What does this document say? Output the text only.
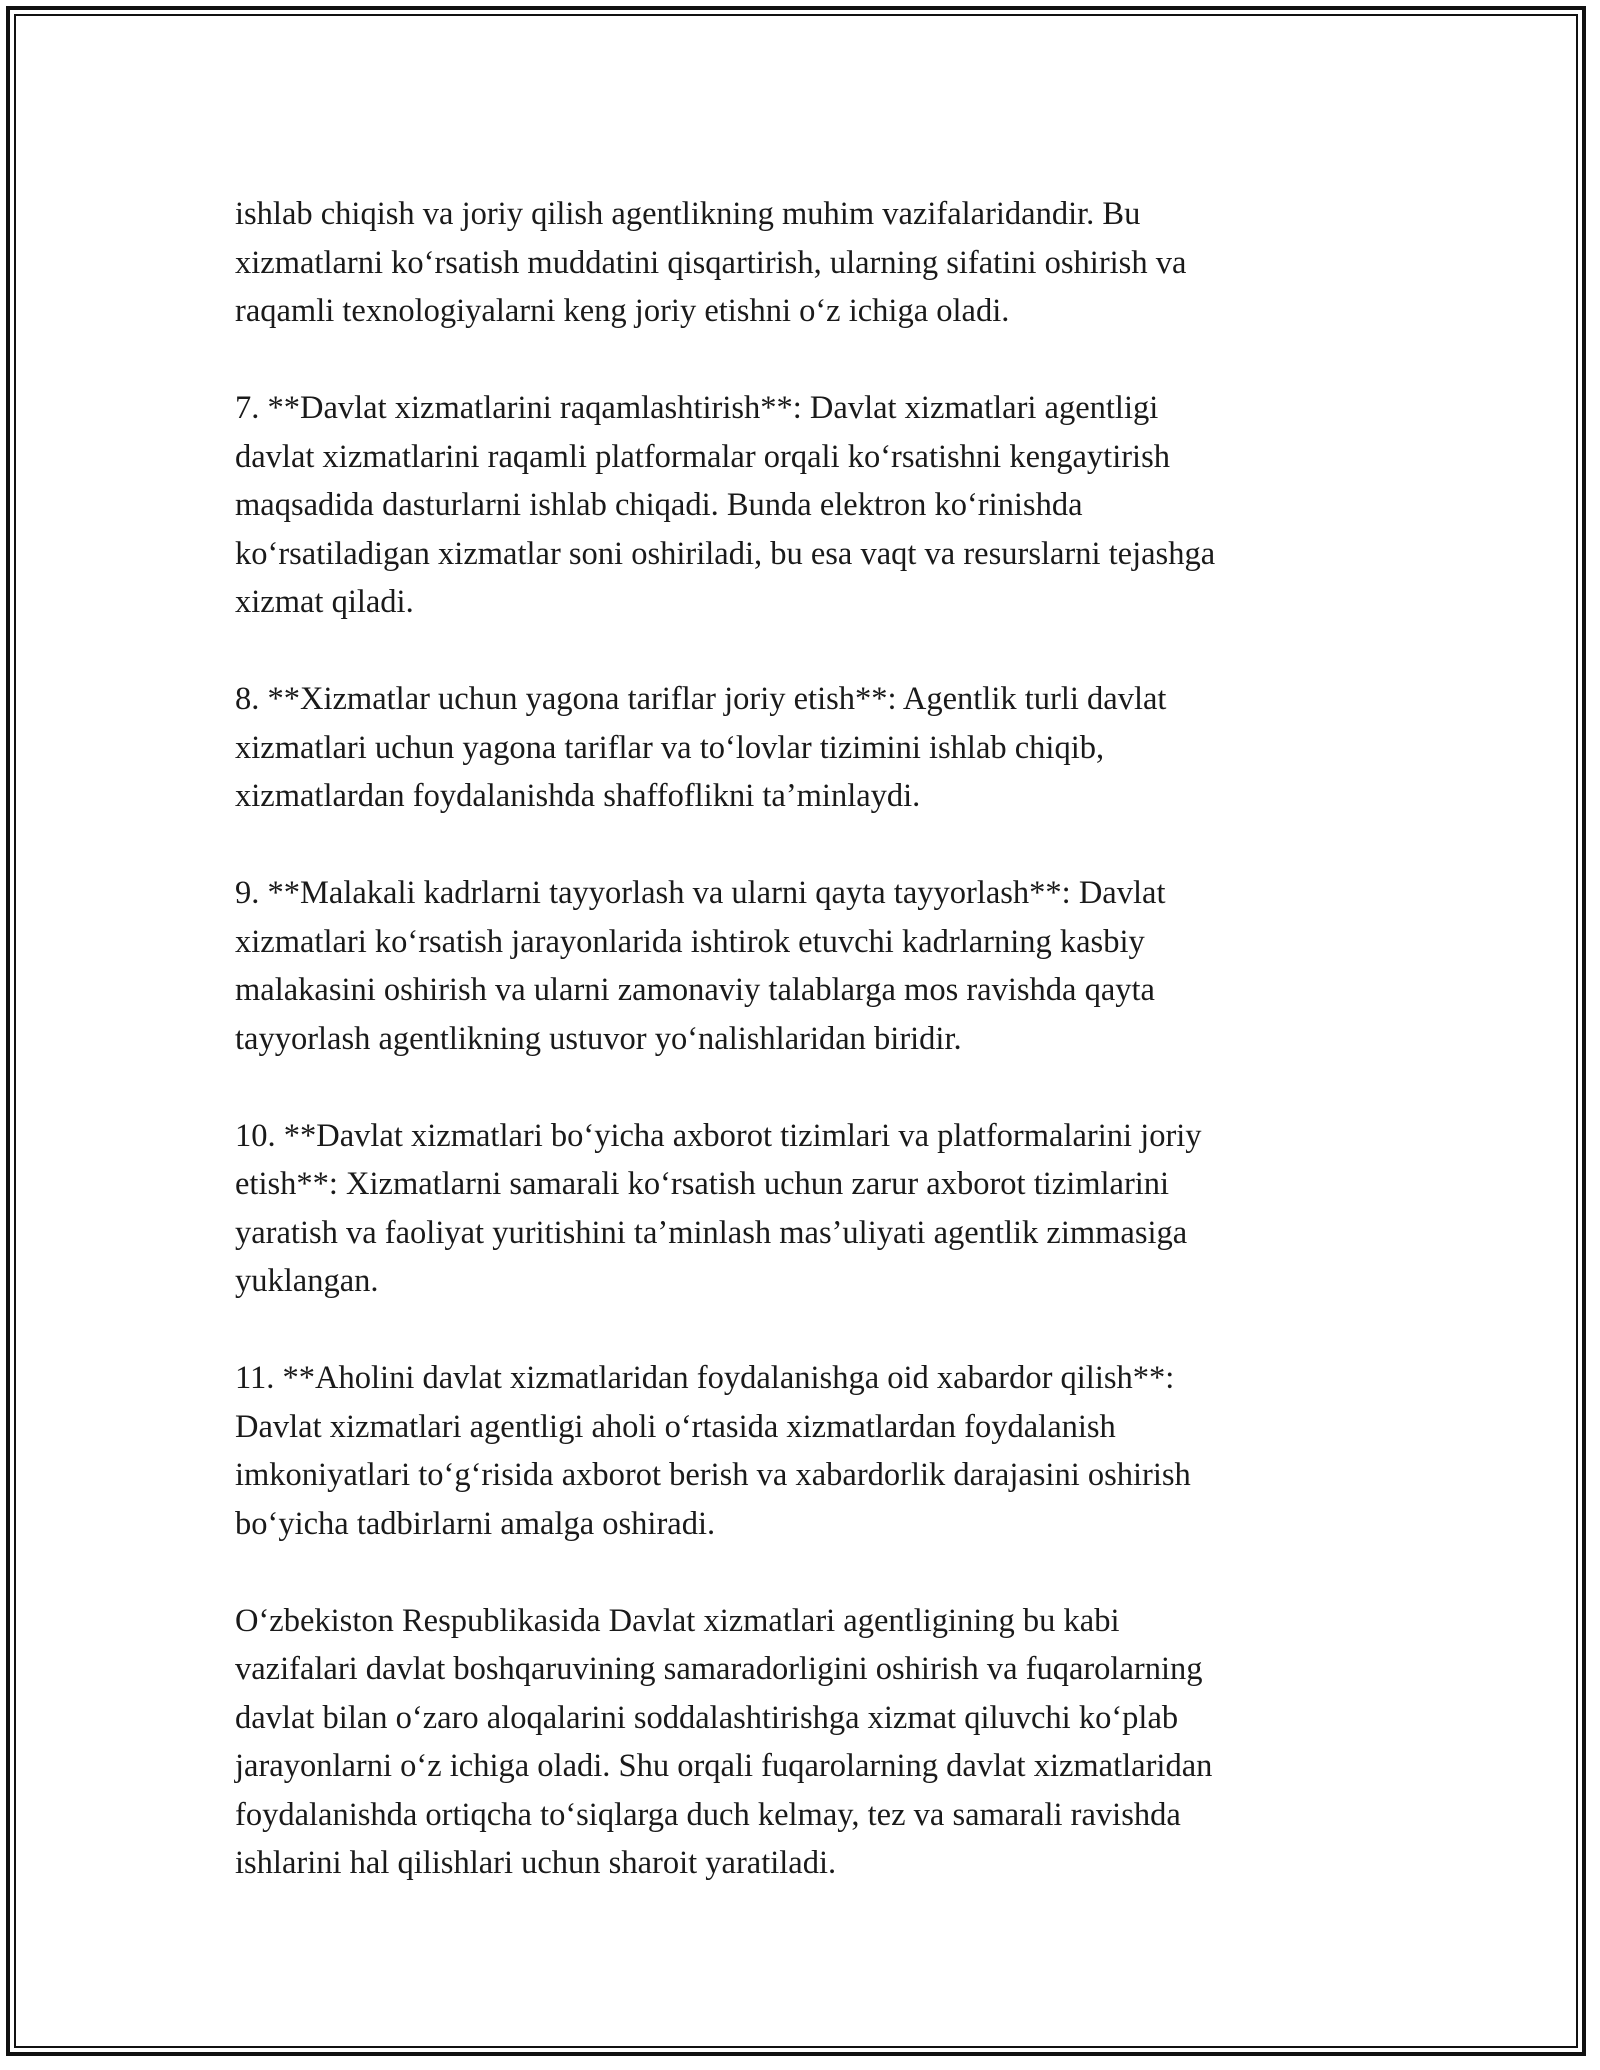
ishlab chiqish va joriy qilish agentlikning muhim vazifalaridandir. Bu
xizmatlarni koʻrsatish muddatini qisqartirish, ularning sifatini oshirish va
raqamli texnologiyalarni keng joriy etishni oʻz ichiga oladi.

7. **Davlat xizmatlarini raqamlashtirish**: Davlat xizmatlari agentligi
davlat xizmatlarini raqamli platformalar orqali koʻrsatishni kengaytirish
maqsadida dasturlarni ishlab chiqadi. Bunda elektron koʻrinishda
koʻrsatiladigan xizmatlar soni oshiriladi, bu esa vaqt va resurslarni tejashga
xizmat qiladi.

8. **Xizmatlar uchun yagona tariflar joriy etish**: Agentlik turli davlat
xizmatlari uchun yagona tariflar va toʻlovlar tizimini ishlab chiqib,
xizmatlardan foydalanishda shaffoflikni taʼminlaydi.

9. **Malakali kadrlarni tayyorlash va ularni qayta tayyorlash**: Davlat
xizmatlari koʻrsatish jarayonlarida ishtirok etuvchi kadrlarning kasbiy
malakasini oshirish va ularni zamonaviy talablarga mos ravishda qayta
tayyorlash agentlikning ustuvor yoʻnalishlaridan biridir.

10. **Davlat xizmatlari boʻyicha axborot tizimlari va platformalarini joriy
etish**: Xizmatlarni samarali koʻrsatish uchun zarur axborot tizimlarini
yaratish va faoliyat yuritishini taʼminlash masʼuliyati agentlik zimmasiga
yuklangan.

11. **Aholini davlat xizmatlaridan foydalanishga oid xabardor qilish**:
Davlat xizmatlari agentligi aholi oʻrtasida xizmatlardan foydalanish
imkoniyatlari toʻgʻrisida axborot berish va xabardorlik darajasini oshirish
boʻyicha tadbirlarni amalga oshiradi.

Oʻzbekiston Respublikasida Davlat xizmatlari agentligining bu kabi
vazifalari davlat boshqaruvining samaradorligini oshirish va fuqarolarning
davlat bilan oʻzaro aloqalarini soddalashtirishga xizmat qiluvchi koʻplab
jarayonlarni oʻz ichiga oladi. Shu orqali fuqarolarning davlat xizmatlaridan
foydalanishda ortiqcha toʻsiqlarga duch kelmay, tez va samarali ravishda
ishlarini hal qilishlari uchun sharoit yaratiladi.
